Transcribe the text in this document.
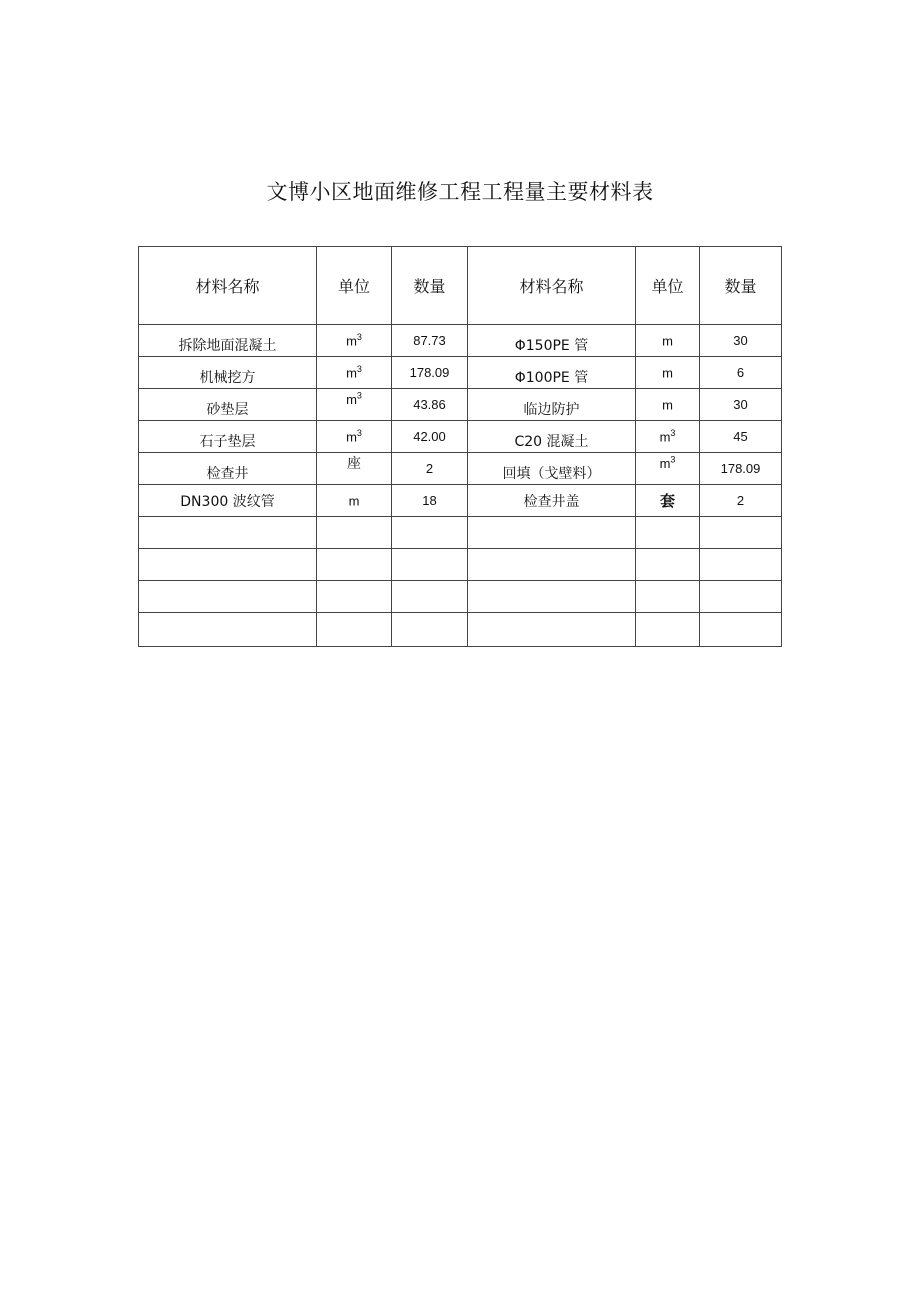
文博小区地面维修工程工程量主要材料表
材料名称	单位	数量	材料名称	单位	数量
拆除地面混凝土	$m^3$	87.73	Φ150PE 管	m	30
机械挖方	$m^3$	178.09	Φ100PE 管	m	6
砂垫层	$m^3$	43.86	临边防护	m	30
石子垫层	$m^3$	42.00	C20 混凝土	$m^3$	45
检查井	座	2	回填（戈壁料）	$m^3$	178.09
DN300 波纹管	m	18	检查井盖	套	2
